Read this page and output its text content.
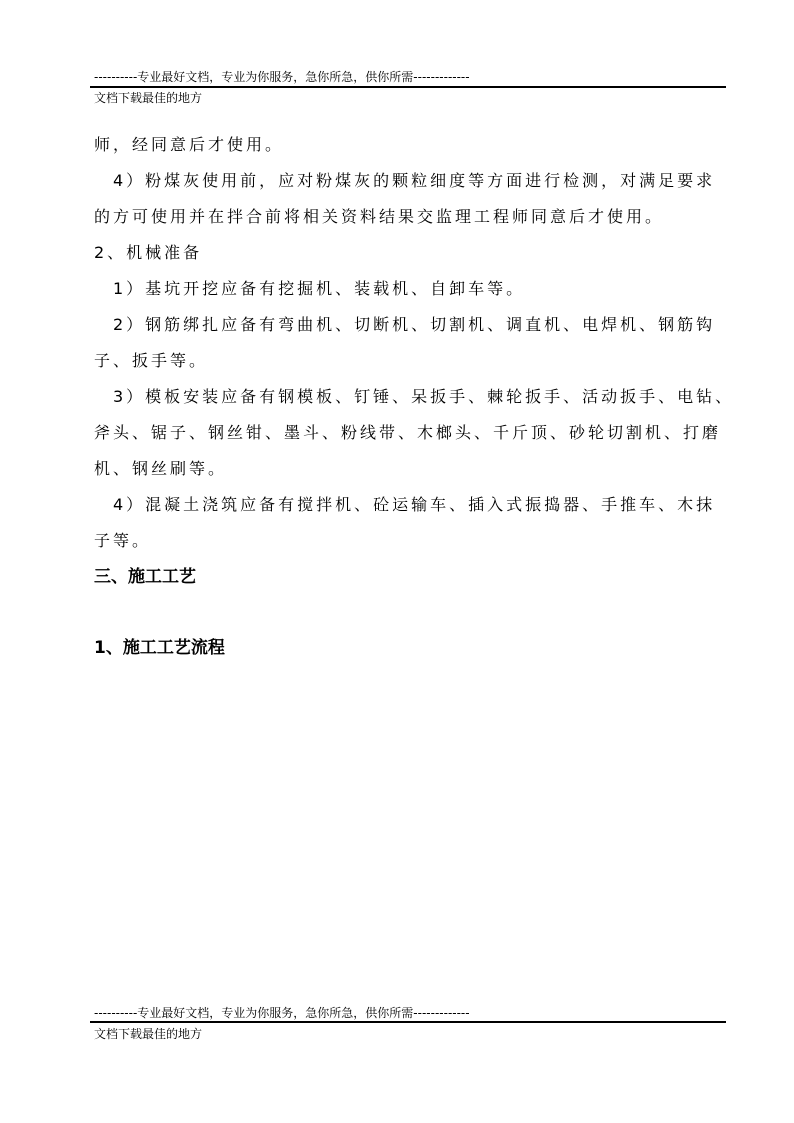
----------专业最好文档，专业为你服务，急你所急，供你所需-------------
文档下载最佳的地方
师，经同意后才使用。
　4）粉煤灰使用前，应对粉煤灰的颗粒细度等方面进行检测，对满足要求
的方可使用并在拌合前将相关资料结果交监理工程师同意后才使用。
2、机械准备
　1）基坑开挖应备有挖掘机、装载机、自卸车等。
　2）钢筋绑扎应备有弯曲机、切断机、切割机、调直机、电焊机、钢筋钩
子、扳手等。
　3）模板安装应备有钢模板、钉锤、呆扳手、棘轮扳手、活动扳手、电钻、
斧头、锯子、钢丝钳、墨斗、粉线带、木榔头、千斤顶、砂轮切割机、打磨
机、钢丝刷等。
　4）混凝土浇筑应备有搅拌机、砼运输车、插入式振捣器、手推车、木抹
子等。
三、施工工艺
1、施工工艺流程
----------专业最好文档，专业为你服务，急你所急，供你所需-------------
文档下载最佳的地方
